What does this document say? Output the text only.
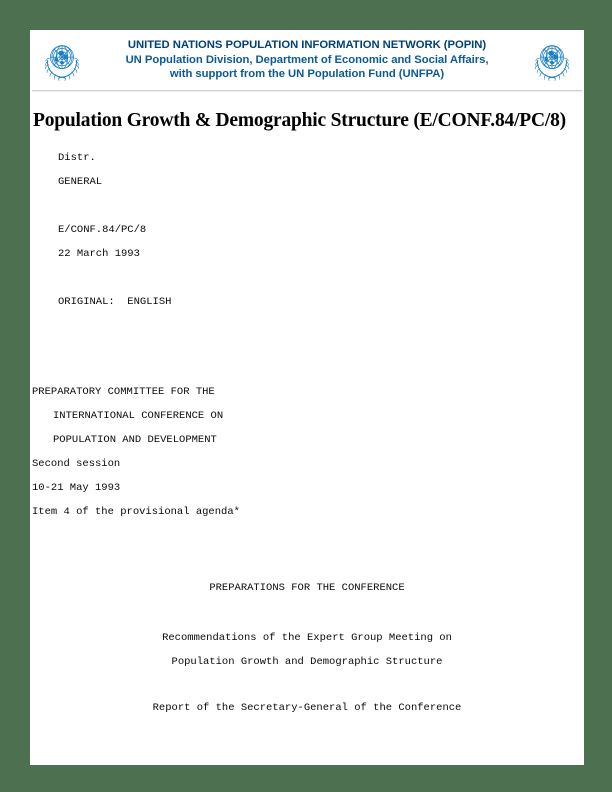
UNITED NATIONS POPULATION INFORMATION NETWORK (POPIN)
UN Population Division, Department of Economic and Social Affairs,
with support from the UN Population Fund (UNFPA)
Population Growth & Demographic Structure (E/CONF.84/PC/8)
Distr.
GENERAL
E/CONF.84/PC/8
22 March 1993
ORIGINAL:  ENGLISH
PREPARATORY COMMITTEE FOR THE
INTERNATIONAL CONFERENCE ON
POPULATION AND DEVELOPMENT
Second session
10-21 May 1993
Item 4 of the provisional agenda*
PREPARATIONS FOR THE CONFERENCE
Recommendations of the Expert Group Meeting on
Population Growth and Demographic Structure
Report of the Secretary-General of the Conference
